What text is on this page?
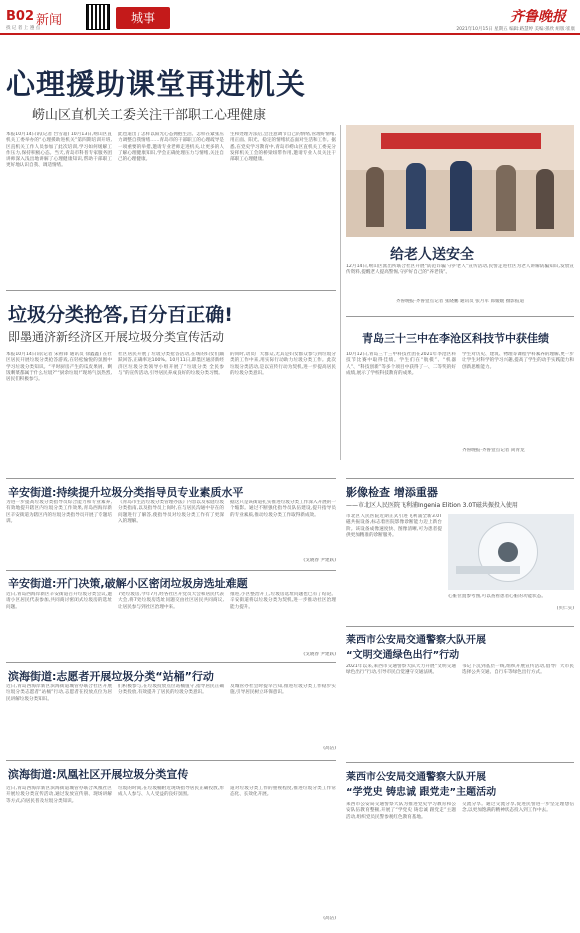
B02 新闻	城事	齐鲁晚报
找 记 者 上 遵 点	2021年10月15日 星期五 编辑:路慧婷 美编:孫欣 組版:崔康
心理援助课堂再进机关
崂山区直机关工委关注干部职工心理健康
本报10月14日讯(记者 台雪超) 10月13日,崂山区直机关工委举办的“心理援助进机关”第四期培训开班,区直机关工作人员参加了此次培训,学习如何缓解工作压力,保持积极心态。当天,青岛市科普专家服务团讲师深入浅出地讲解了心理健康知识,帮助干部职工更好地认识自我、调适情绪。
此也道出了怎样以阳光心态拥抱生活、怎样在紧张压力调整自我情绪……青岛市的干部职工的心理疏导是一项重要的举措,邀请专业老师走进机关,让更多的人了解心理健康知识,学会正确处理压力与情绪,关注自己的心理健康。
生和处理方法后,会注意调节自己的情绪,管理好情绪,用正面、阳光、稳定的情绪状态面对生活和工作。据悉,在党史学习教育中,青岛市崂山区直机关工委充分发挥机关工会的桥梁纽带作用,邀请专业人员关注干部职工心理健康。
给老人送安全
12月14日,崂山区派出所联合社区开展“防范诈骗 守护老人”宣传活动,民警走进社区为老人讲解防骗知识,发放宣传资料,提醒老人提高警惕,守护好自己的“养老钱”。
齐鲁晚报·齐鲁壹点记者 张晓鹏 通讯员 张月军 郎媛媛 摄影报道
垃圾分类抢答,百分百正确!
即墨通济新经济区开展垃圾分类宣传活动
本报10月14日讯(记者 宋祖锋 通讯员 徐鑫鑫) 在社区居民开展垃圾分类抢答游戏,在轻松愉悦的氛围中学习垃圾分类知识。“平时厨房产生的瓜皮果屑、剩饭剩菜都属于什么垃圾?”“厨余垃圾!”现场气氛热烈,居民们积极参与。
社区居民开展了垃圾分类抢答活动,在场的妇女们踊跃回答,正确率达100%。10月11日,即墨区通济新经济区垃圾分类领导小组开展了“垃圾分类 全民参与”的宣传活动,引导居民养成良好的垃圾分类习惯。
的同时,动员广大群众,尤其是妇女群众参与到垃圾分类的工作中来,用实际行动助力垃圾分类工作。此次垃圾分类活动,是以宣传行动为契机,进一步提高居民的垃圾分类意识。
青岛三十三中在李沧区科技节中获佳绩
10月12日,青岛三十三中科技社团在2021年李沧区科技节比赛中取得佳绩。学生们在“航模”、“机器人”、“科技创新”等多个项目中获得了一、二等奖的好成绩,展示了学校科技教育的成果。
学生对历史、建筑、物理等课程学科素养的理解,更一步让学生对科学的学习兴趣,提高了学生的动手实践能力和创新思维能力。
齐鲁晚报·齐鲁壹点记者 尚青龙
辛安街道:持续提升垃圾分类指导员专业素质水平
为进一步提高垃圾分类指导员综合能力和专业素养,有效地提升辖区内垃圾分类工作效果,青岛西海岸新区辛安街道为辖区内的垃圾分类指导员开展了专题培训。
《青岛市生活垃圾分类管理办法》内容以及家庭垃圾分类指南,以及指导员上岗时,在与居民沟通中存在的问题进行了解答,使指导员对垃圾分类工作有了更深入的理解。
据这只是该街道扎实推进垃圾分类工作深入开展的一个缩影。通过不断强化指导员队伍建设,提升指导员的专业素质,推动垃圾分类工作取得新成效。
(戈晓春 尹建跃)
辛安街道:开门决策,破解小区密闭垃圾房选址难题
近日,青岛西海岸新区辛安街道召开垃圾分类会议,邀请小区居民代表参加,共同商讨密闭式垃圾房的选址问题。
7处垃圾房,今年7月,经各社区开党员大会和居民代表大会,将7处垃圾房选址问题交由社区居民共同商议,让居民参与到社区治理中来。
推进,小区整治开工,垃圾房选址问题也已有了结论。辛安街道将以垃圾分类为契机,进一步推动社区治理能力提升。
(戈晓春 尹建跃)
滨海街道:志愿者开展垃圾分类“站桶”行动
近日,青岛西海岸新区滨海街道城管办联合社区开展垃圾分类志愿者“站桶”行动,志愿者在投放点位为居民讲解垃圾分类知识。
们积极参与,在垃圾投放点位站桶值守,指导居民正确分类投放,有效提升了居民的垃圾分类意识。
及城管办社会时提早告知,推进垃圾分类工作稳步实施,引导居民树立环保意识。
(高洁)
滨海街道:凤凰社区开展垃圾分类宣传
近日,青岛西海岸新区滨海街道城管办联合凤凰社区开展垃圾分类宣传活动,通过发放宣传册、现场讲解等方式,向居民普及垃圾分类知识。
垃圾的时间,在垃圾桶附近现场指导居民正确投放,形成人人参与、人人受益的良好氛围。
道对垃圾分类工作的重视程度,推进垃圾分类工作常态化、长效化开展。
(高洁)
影像检查 增添重器
——市北区人民医院飞利浦Ingenia Elition 3.0T磁共振投入使用
市北区人民医院近期正式引进飞利浦全新3.0T磁共振设备,标志着医院影像诊断能力迈上新台阶。该设备成像速度快、图像清晰,可为患者提供更加精准的诊断服务。
心脏位置参考图,可以查看患者心脏的功能状态。
(贝仁实)
莱西市公安局交通警察大队开展
“文明交通绿色出行”行动
2021年以来,莱西市交通警察大队大力开展“文明交通绿色出行”行动,引导市民自觉遵守交通法规。
书记下沉到基层一线,组织开展宣传活动,倡导广大市民选择公共交通、自行车等绿色出行方式。
莱西市公安局交通警察大队开展
“学党史 铸忠诚 跟党走”主题活动
莱西市公安局交通警察大队为推进党史学习教育和公安队伍教育整顿,开展了“学党史 铸忠诚 跟党走”主题活动,组织党员民警参观红色教育基地。
交流分享。通过交流分享,促进民警进一步坚定理想信念,以更加饱满的精神状态投入到工作中去。
